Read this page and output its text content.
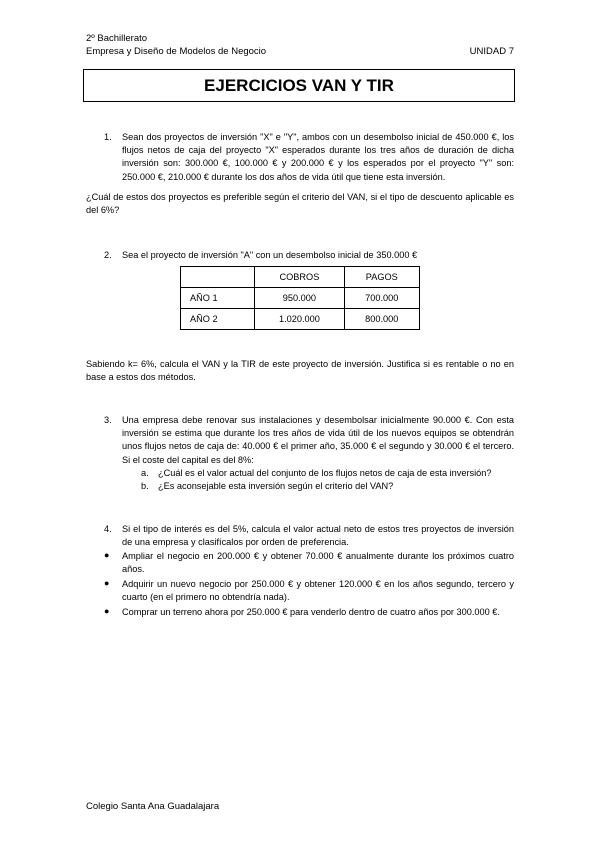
2º Bachillerato
Empresa y Diseño de Modelos de Negocio	UNIDAD 7
EJERCICIOS VAN Y TIR
1. Sean dos proyectos de inversión "X" e "Y", ambos con un desembolso inicial de 450.000 €, los flujos netos de caja del proyecto "X" esperados durante los tres años de duración de dicha inversión son: 300.000 €, 100.000 € y 200.000 € y los esperados por el proyecto "Y" son: 250.000 €, 210.000 € durante los dos años de vida útil que tiene esta inversión.
¿Cuál de estos dos proyectos es preferible según el criterio del VAN, si el tipo de descuento aplicable es del 6%?
2. Sea el proyecto de inversión "A" con un desembolso inicial de 350.000 €
	COBROS	PAGOS
AÑO 1	950.000	700.000
AÑO 2	1.020.000	800.000
Sabiendo k= 6%, calcula el VAN y la TIR de este proyecto de inversión. Justifica si es rentable o no en base a estos dos métodos.
3. Una empresa debe renovar sus instalaciones y desembolsar inicialmente 90.000 €. Con esta inversión se estima que durante los tres años de vida útil de los nuevos equipos se obtendrán unos flujos netos de caja de: 40.000 € el primer año, 35.000 € el segundo y 30.000 € el tercero. Si el coste del capital es del 8%:
a. ¿Cuál es el valor actual del conjunto de los flujos netos de caja de esta inversión?
b. ¿Es aconsejable esta inversión según el criterio del VAN?
4. Si el tipo de interés es del 5%, calcula el valor actual neto de estos tres proyectos de inversión de una empresa y clasifícalos por orden de preferencia.
● Ampliar el negocio en 200.000 € y obtener 70.000 € anualmente durante los próximos cuatro años.
● Adquirir un nuevo negocio por 250.000 € y obtener 120.000 € en los años segundo, tercero y cuarto (en el primero no obtendría nada).
● Comprar un terreno ahora por 250.000 € para venderlo dentro de cuatro años por 300.000 €.
Colegio Santa Ana Guadalajara
